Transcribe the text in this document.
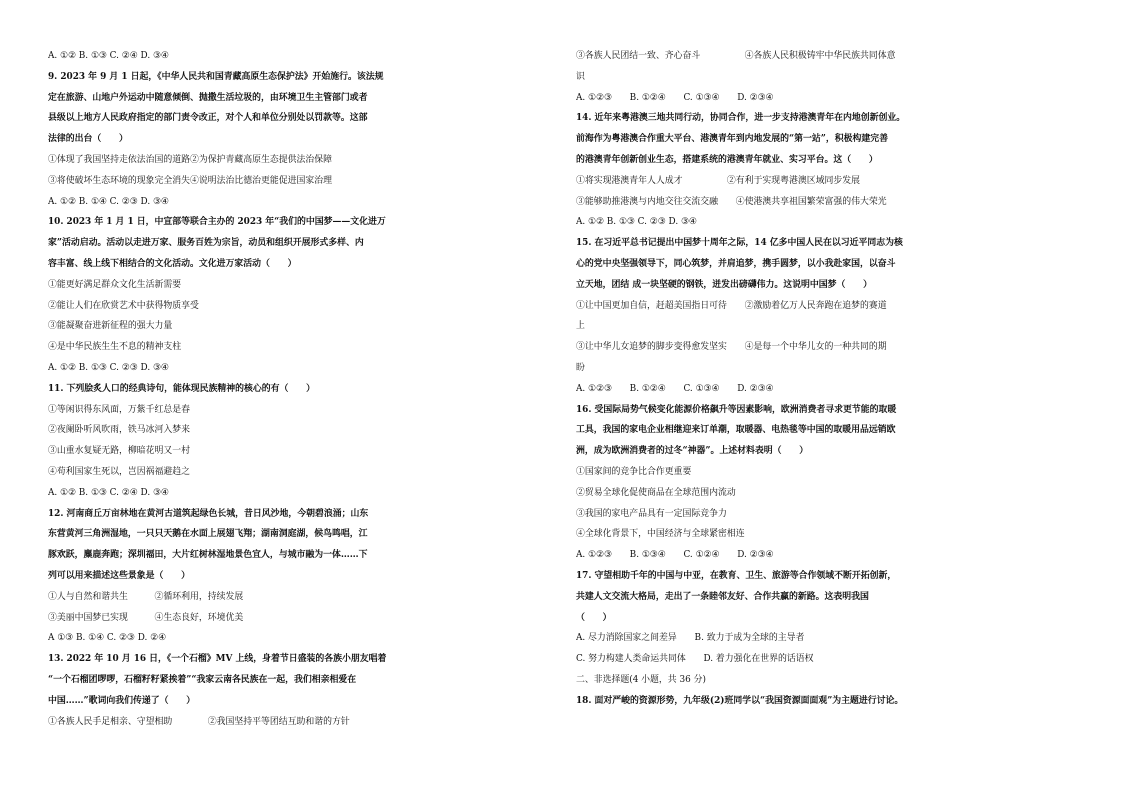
A. ①② B. ①③ C. ②④ D. ③④
9. 2023 年 9 月 1 日起，《中华人民共和国青藏高原生态保护法》开始施行。该法规
定在旅游、山地户外运动中随意倾倒、抛撒生活垃圾的，由环境卫生主管部门或者
县级以上地方人民政府指定的部门责令改正，对个人和单位分别处以罚款等。这部
法律的出台（　　）
①体现了我国坚持走依法治国的道路②为保护青藏高原生态提供法治保障
③将使破坏生态环境的现象完全消失④说明法治比德治更能促进国家治理
A. ①② B. ①④ C. ②③ D. ③④
10. 2023 年 1 月 1 日，中宣部等联合主办的 2023 年“我们的中国梦——文化进万
家”活动启动。活动以走进万家、服务百姓为宗旨，动员和组织开展形式多样、内
容丰富、线上线下相结合的文化活动。文化进万家活动（　　）
①能更好满足群众文化生活新需要
②能让人们在欣赏艺术中获得物质享受
③能凝聚奋进新征程的强大力量
④是中华民族生生不息的精神支柱
A. ①② B. ①③ C. ②③ D. ③④
11. 下列脍炙人口的经典诗句，能体现民族精神的核心的有（　　）
①等闲识得东风面，万紫千红总是春
②夜阑卧听风吹雨，铁马冰河入梦来
③山重水复疑无路，柳暗花明又一村
④苟利国家生死以，岂因祸福避趋之
A. ①② B. ①③ C. ②④ D. ③④
12. 河南商丘万亩林地在黄河古道筑起绿色长城，昔日风沙地，今朝碧浪涌；山东
东营黄河三角洲湿地，一只只天鹅在水面上展翅飞翔；湖南洞庭湖，候鸟鸣唱，江
豚欢跃，麋鹿奔跑；深圳福田，大片红树林湿地景色宜人，与城市融为一体……下
列可以用来描述这些景象是（　　）
①人与自然和谐共生　　　②循环利用，持续发展
③美丽中国梦已实现　　　④生态良好，环境优美
A ①③ B. ①④ C. ②③ D. ②④
13. 2022 年 10 月 16 日，《一个石榴》MV 上线，身着节日盛装的各族小朋友唱着
“一个石榴团啰啰，石榴籽籽紧挨着”“我家云南各民族在一起，我们相亲相爱在
中国……”歌词向我们传递了（　　）
①各族人民手足相亲、守望相助　　　　②我国坚持平等团结互助和谐的方针
③各族人民团结一致、齐心奋斗　　　　　④各族人民积极铸牢中华民族共同体意
识
A. ①②③　　B. ①②④　　C. ①③④　　D. ②③④
14. 近年来粤港澳三地共同行动，协同合作，进一步支持港澳青年在内地创新创业。
前海作为粤港澳合作重大平台、港澳青年到内地发展的“第一站”，积极构建完善
的港澳青年创新创业生态，搭建系统的港澳青年就业、实习平台。这（　　）
①将实现港澳青年人人成才　　　　　②有利于实现粤港澳区域同步发展
③能够助推港澳与内地交往交流交融　　④使港澳共享祖国繁荣富强的伟大荣光
A. ①② B. ①③ C. ②③ D. ③④
15. 在习近平总书记提出中国梦十周年之际，14 亿多中国人民在以习近平同志为核
心的党中央坚强领导下，同心筑梦，并肩追梦，携手圆梦，以小我赴家国，以奋斗
立天地，团结 成一块坚硬的钢铁，迸发出磅礴伟力。这说明中国梦（　　）
①让中国更加自信，赶超美国指日可待　　②激励着亿万人民奔跑在追梦的赛道
上
③让中华儿女追梦的脚步变得愈发坚实　　④是每一个中华儿女的一种共同的期
盼
A. ①②③　　B. ①②④　　C. ①③④　　D. ②③④
16. 受国际局势气候变化能源价格飙升等因素影响，欧洲消费者寻求更节能的取暖
工具，我国的家电企业相继迎来订单潮，取暖器、电热毯等中国的取暖用品远销欧
洲，成为欧洲消费者的过冬“神器”。上述材料表明（　　）
①国家间的竞争比合作更重要
②贸易全球化促使商品在全球范围内流动
③我国的家电产品具有一定国际竞争力
④全球化背景下，中国经济与全球紧密相连
A. ①②③　　B. ①③④　　C. ①②④　　D. ②③④
17. 守望相助千年的中国与中亚，在教育、卫生、旅游等合作领域不断开拓创新，
共建人文交流大格局，走出了一条睦邻友好、合作共赢的新路。这表明我国
（　　）
A. 尽力消除国家之间差异　　B. 致力于成为全球的主导者
C. 努力构建人类命运共同体　　D. 着力强化在世界的话语权
二、非选择题(4 小题，共 36 分)
18. 面对严峻的资源形势，九年级(2)班同学以“我国资源面面观”为主题进行讨论。
